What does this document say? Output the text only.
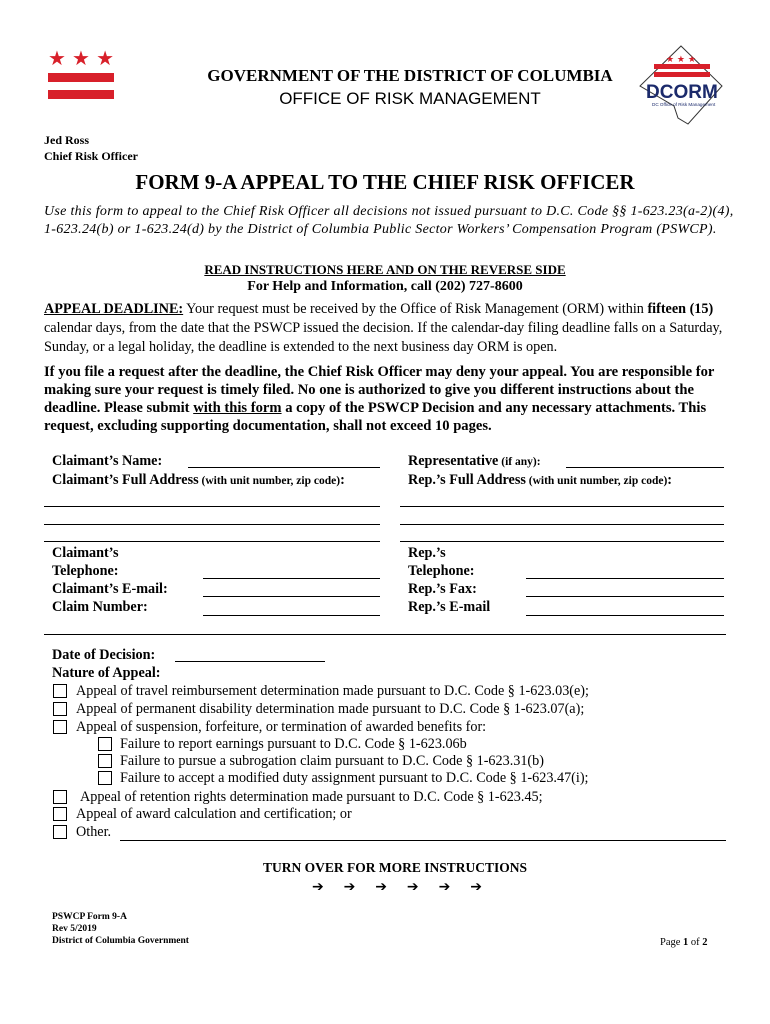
★ ★ ★
GOVERNMENT OF THE DISTRICT OF COLUMBIA
OFFICE OF RISK MANAGEMENT
★ ★ ★
DCORM
DC Office of Risk Management
Jed Ross
Chief Risk Officer
FORM 9-A APPEAL TO THE CHIEF RISK OFFICER
Use this form to appeal to the Chief Risk Officer all decisions not issued pursuant to D.C. Code §§ 1-623.23(a-2)(4), 1-623.24(b) or 1-623.24(d) by the District of Columbia Public Sector Workers’ Compensation Program (PSWCP).
READ INSTRUCTIONS HERE AND ON THE REVERSE SIDE
For Help and Information, call (202) 727-8600
APPEAL DEADLINE: Your request must be received by the Office of Risk Management (ORM) within fifteen (15) calendar days, from the date that the PSWCP issued the decision. If the calendar-day filing deadline falls on a Saturday, Sunday, or a legal holiday, the deadline is extended to the next business day ORM is open.
If you file a request after the deadline, the Chief Risk Officer may deny your appeal. You are responsible for making sure your request is timely filed. No one is authorized to give you different instructions about the deadline. Please submit with this form a copy of the PSWCP Decision and any necessary attachments. This request, excluding supporting documentation, shall not exceed 10 pages.
Claimant’s Name:
Claimant’s Full Address (with unit number, zip code):
Claimant’s
Telephone:
Claimant’s E-mail:
Claim Number:
Representative (if any):
Rep.’s Full Address (with unit number, zip code):
Rep.’s
Telephone:
Rep.’s Fax:
Rep.’s E-mail
Date of Decision:
Nature of Appeal:
Appeal of travel reimbursement determination made pursuant to D.C. Code § 1-623.03(e);
Appeal of permanent disability determination made pursuant to D.C. Code § 1-623.07(a);
Appeal of suspension, forfeiture, or termination of awarded benefits for:
Failure to report earnings pursuant to D.C. Code § 1-623.06b
Failure to pursue a subrogation claim pursuant to D.C. Code § 1-623.31(b)
Failure to accept a modified duty assignment pursuant to D.C. Code § 1-623.47(i);
Appeal of retention rights determination made pursuant to D.C. Code § 1-623.45;
Appeal of award calculation and certification; or
Other.
TURN OVER FOR MORE INSTRUCTIONS
➔ ➔ ➔ ➔ ➔ ➔
PSWCP Form 9-A
Rev 5/2019
District of Columbia Government	Page 1 of 2
